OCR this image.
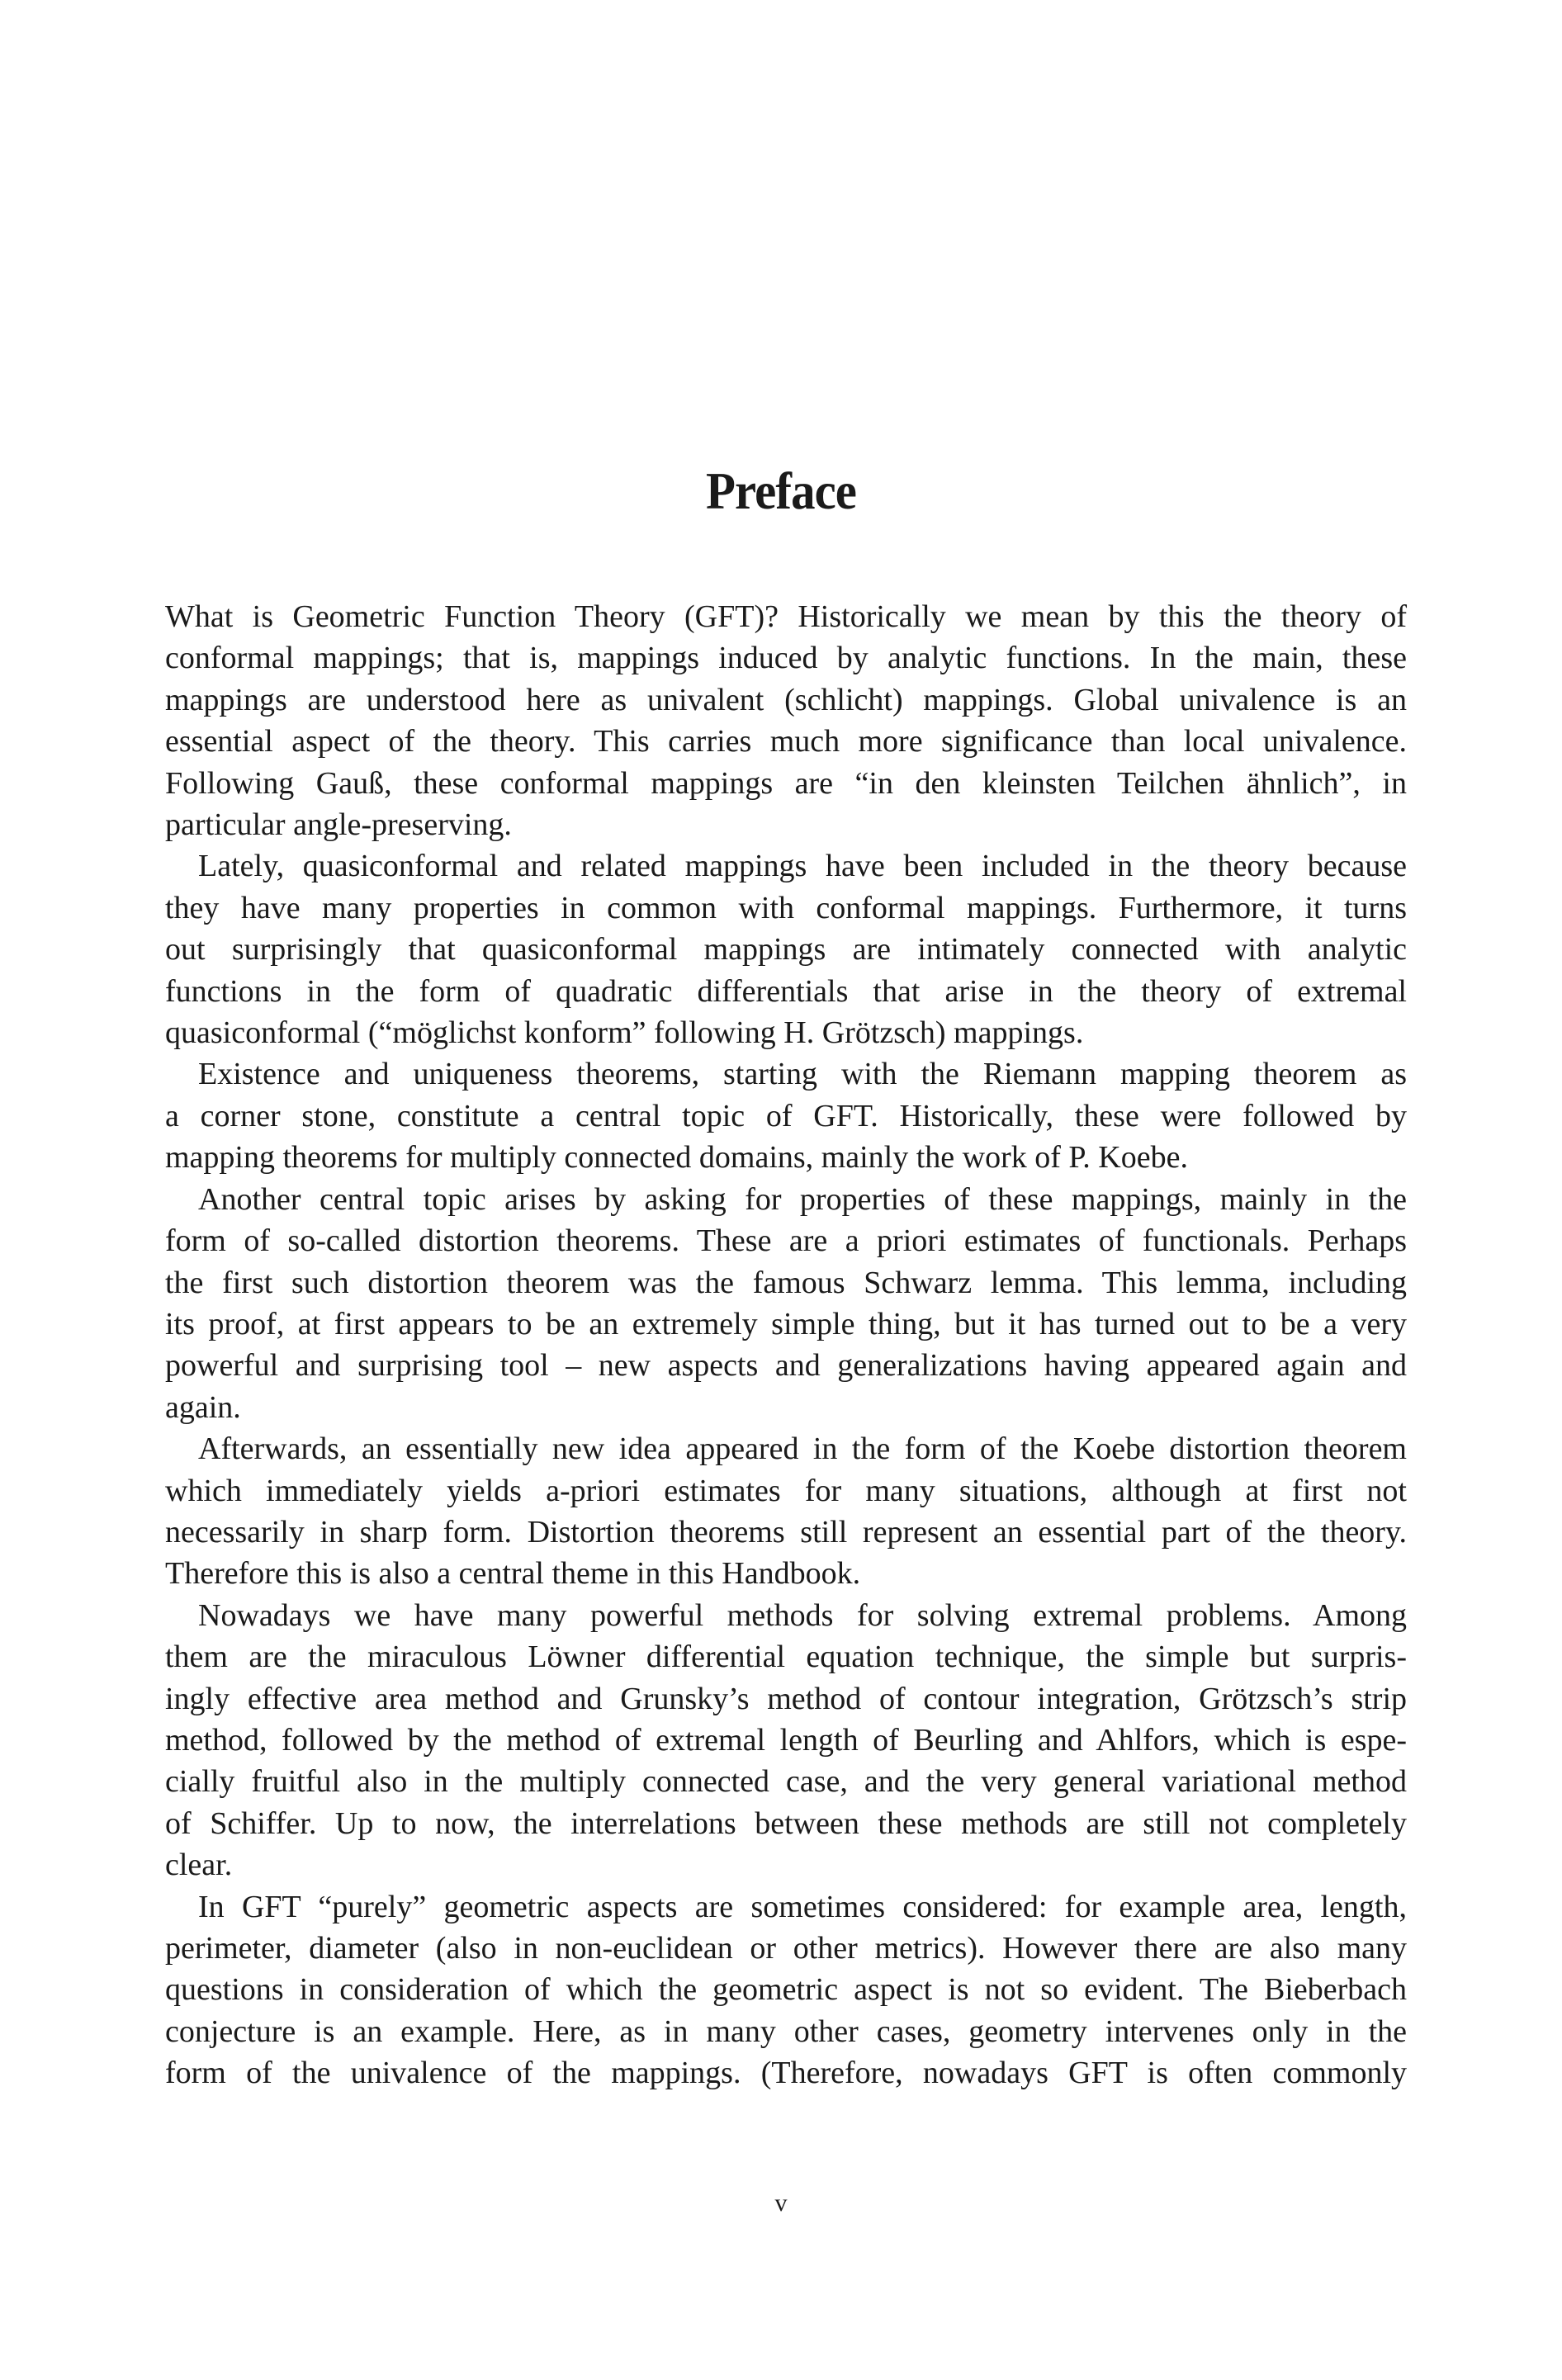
Preface
What is Geometric Function Theory (GFT)? Historically we mean by this the theory of
conformal mappings; that is, mappings induced by analytic functions. In the main, these
mappings are understood here as univalent (schlicht) mappings. Global univalence is an
essential aspect of the theory. This carries much more significance than local univalence.
Following Gauß, these conformal mappings are “in den kleinsten Teilchen ähnlich”, in
particular angle-preserving.
Lately, quasiconformal and related mappings have been included in the theory because
they have many properties in common with conformal mappings. Furthermore, it turns
out surprisingly that quasiconformal mappings are intimately connected with analytic
functions in the form of quadratic differentials that arise in the theory of extremal
quasiconformal (“möglichst konform” following H. Grötzsch) mappings.
Existence and uniqueness theorems, starting with the Riemann mapping theorem as
a corner stone, constitute a central topic of GFT. Historically, these were followed by
mapping theorems for multiply connected domains, mainly the work of P. Koebe.
Another central topic arises by asking for properties of these mappings, mainly in the
form of so-called distortion theorems. These are a priori estimates of functionals. Perhaps
the first such distortion theorem was the famous Schwarz lemma. This lemma, including
its proof, at first appears to be an extremely simple thing, but it has turned out to be a very
powerful and surprising tool – new aspects and generalizations having appeared again and
again.
Afterwards, an essentially new idea appeared in the form of the Koebe distortion theorem
which immediately yields a-priori estimates for many situations, although at first not
necessarily in sharp form. Distortion theorems still represent an essential part of the theory.
Therefore this is also a central theme in this Handbook.
Nowadays we have many powerful methods for solving extremal problems. Among
them are the miraculous Löwner differential equation technique, the simple but surpris-
ingly effective area method and Grunsky’s method of contour integration, Grötzsch’s strip
method, followed by the method of extremal length of Beurling and Ahlfors, which is espe-
cially fruitful also in the multiply connected case, and the very general variational method
of Schiffer. Up to now, the interrelations between these methods are still not completely
clear.
In GFT “purely” geometric aspects are sometimes considered: for example area, length,
perimeter, diameter (also in non-euclidean or other metrics). However there are also many
questions in consideration of which the geometric aspect is not so evident. The Bieberbach
conjecture is an example. Here, as in many other cases, geometry intervenes only in the
form of the univalence of the mappings. (Therefore, nowadays GFT is often commonly
v
